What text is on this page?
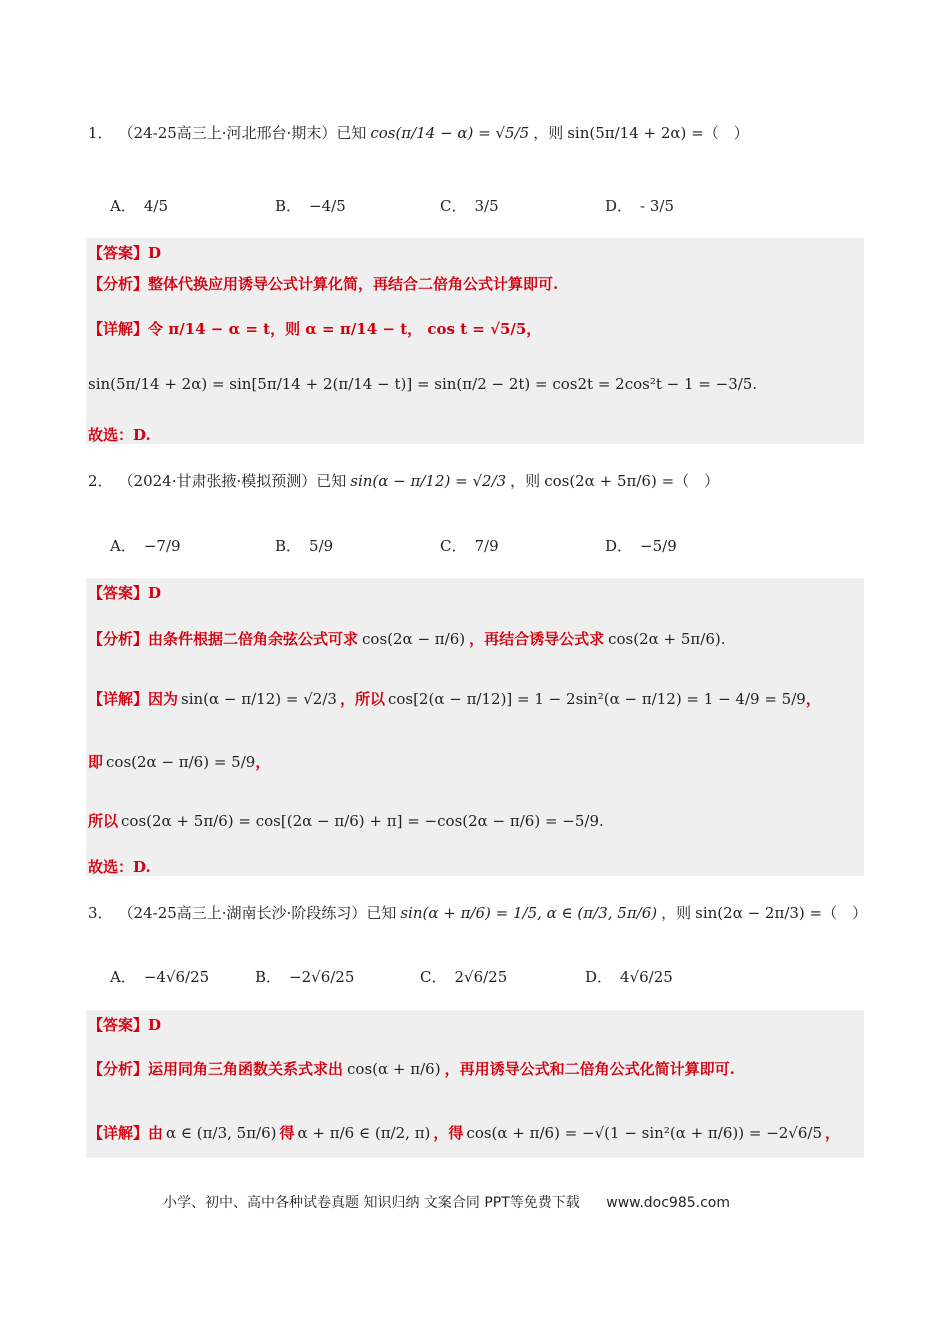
1． （24-25高三上·河北邢台·期末）已知 cos(π/14 − α) = √5/5 ，则 sin(5π/14 + 2α) =（　）
A． 4/5	B． −4/5	C． 3/5	D． - 3/5
【答案】D
【分析】 整体代换应用诱导公式计算化简，再结合二倍角公式计算即可.
【详解】 令 π/14 − α = t，则 α = π/14 − t， cos t = √5/5，
sin(5π/14 + 2α) = sin[5π/14 + 2(π/14 − t)] = sin(π/2 − 2t) = cos2t = 2cos²t − 1 = −3/5.
故选：D.
2． （2024·甘肃张掖·模拟预测）已知 sin(α − π/12) = √2/3 ，则 cos(2α + 5π/6) =（　）
A． −7/9	B． 5/9	C． 7/9	D． −5/9
【答案】D
【分析】 由条件根据二倍角余弦公式可求 cos(2α − π/6) ，再结合诱导公式求 cos(2α + 5π/6).
【详解】 因为 sin(α − π/12) = √2/3 ，所以 cos[2(α − π/12)] = 1 − 2sin²(α − π/12) = 1 − 4/9 = 5/9 ，
即 cos(2α − π/6) = 5/9 ，
所以 cos(2α + 5π/6) = cos[(2α − π/6) + π] = −cos(2α − π/6) = −5/9.
故选：D.
3． （24-25高三上·湖南长沙·阶段练习）已知 sin(α + π/6) = 1/5, α ∈ (π/3, 5π/6) ，则 sin(2α − 2π/3) =（　）
A． −4√6/25	B． −2√6/25	C． 2√6/25	D． 4√6/25
【答案】D
【分析】 运用同角三角函数关系式求出 cos(α + π/6) ，再用诱导公式和二倍角公式化简计算即可.
【详解】 由 α ∈ (π/3, 5π/6) 得 α + π/6 ∈ (π/2, π) ，得 cos(α + π/6) = −√(1 − sin²(α + π/6)) = −2√6/5 ，
小学、初中、高中各种试卷真题 知识归纳 文案合同 PPT等免费下载 www.doc985.com
